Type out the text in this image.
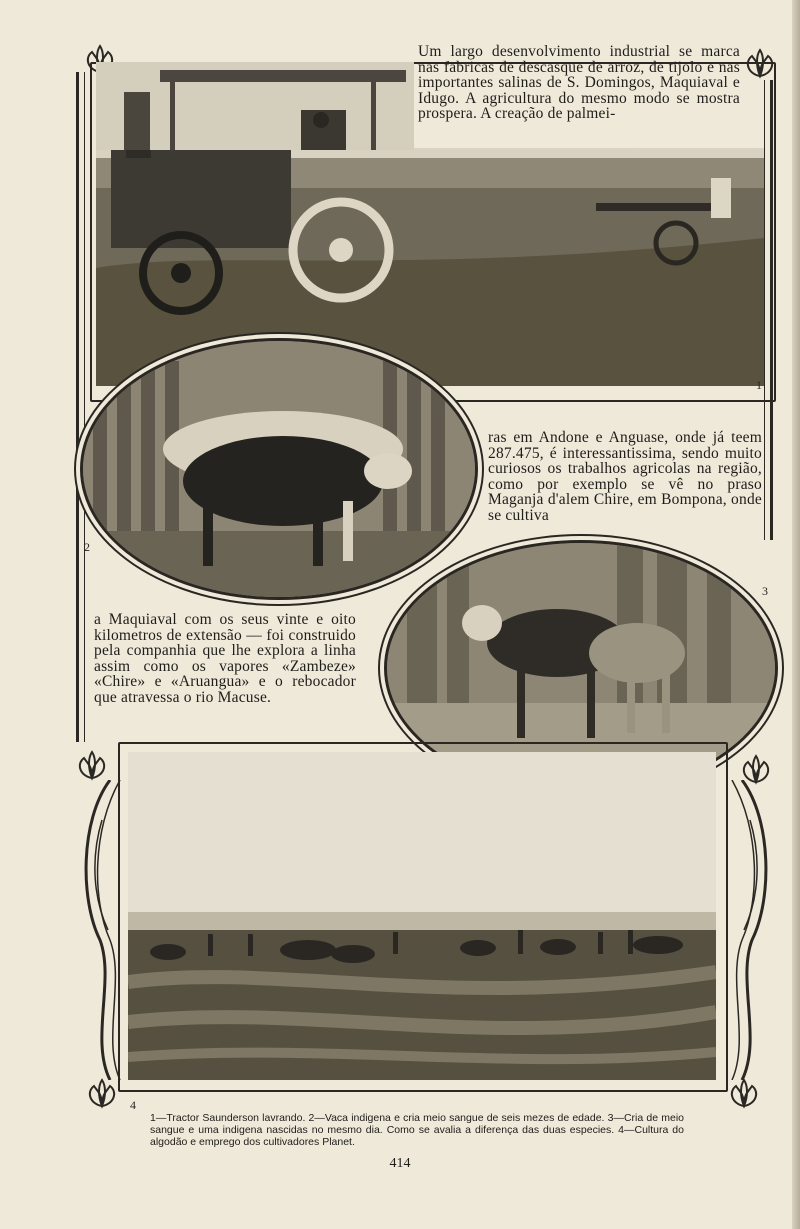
1

Um largo desenvolvimento industrial se marca nas fabricas de descasque de arroz, de tijolo e nas importantes salinas de S. Domingos, Maquiaval e Idugo. A agricultura do mesmo modo se mostra prospera. A creação de palmei-

2

ras em Andone e Anguase, onde já teem 287.475, é interessantissima, sendo muito curiosos os trabalhos agricolas na região, como por exemplo se vê no praso Maganja d'alem Chire, em Bompona, onde se cultiva

3

a Maquiaval com os seus vinte e oito kilometros de extensão — foi construido pela companhia que lhe explora a linha assim como os vapores «Zambeze» «Chire» e «Aruangua» e o rebocador que atravessa o rio Macuse.

4
1—Tractor Saunderson lavrando. 2—Vaca indigena e cria meio sangue de seis mezes de edade. 3—Cria de meio sangue e uma indigena nascidas no mesmo dia. Como se avalia a diferença das duas especies. 4—Cultura do algodão e emprego dos cultivadores Planet.
414
